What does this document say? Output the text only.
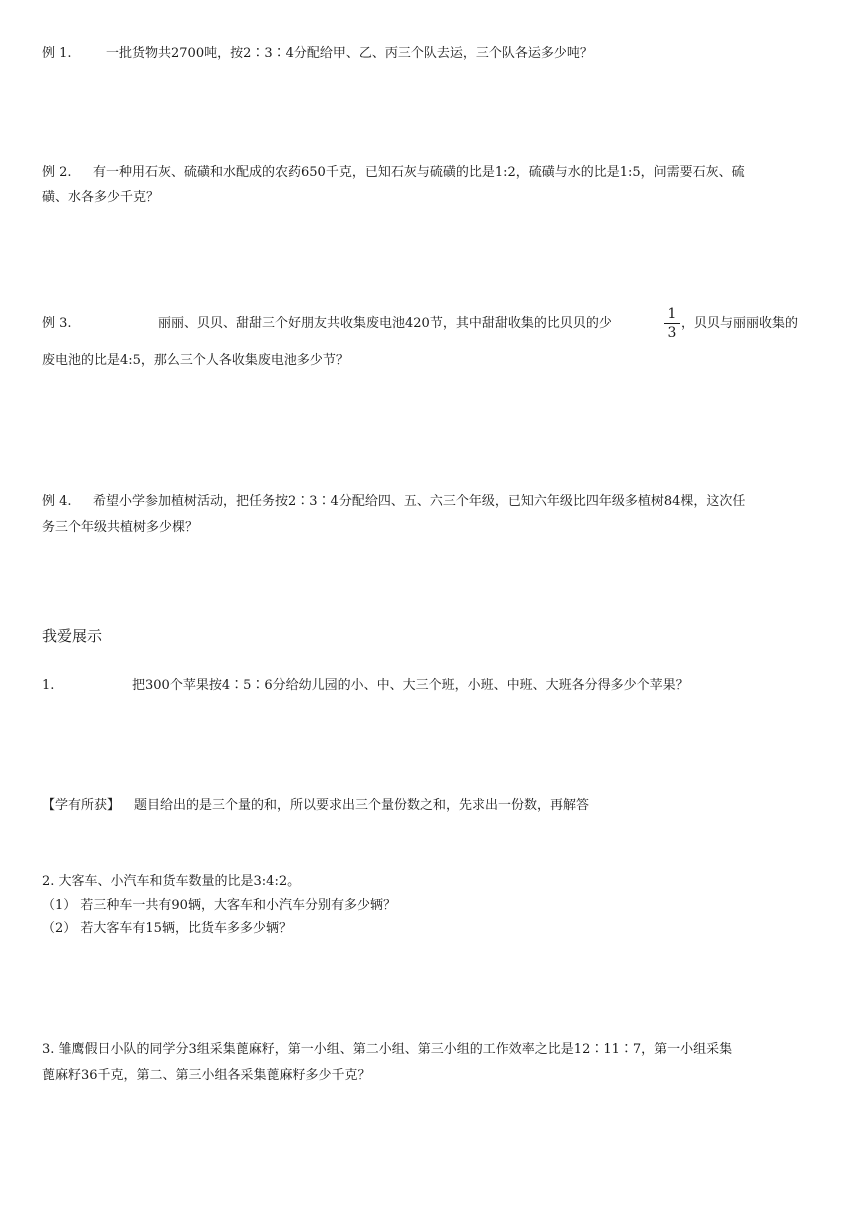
例 1.	一批货物共2700吨，按2∶3∶4分配给甲、乙、丙三个队去运，三个队各运多少吨？
例 2. 有一种用石灰、硫磺和水配成的农药650千克，已知石灰与硫磺的比是1:2，硫磺与水的比是1:5，问需要石灰、硫
磺、水各多少千克？
例 3.	丽丽、贝贝、甜甜三个好朋友共收集废电池420节，其中甜甜收集的比贝贝的少
1
3
，贝贝与丽丽收集的
废电池的比是4:5，那么三个人各收集废电池多少节？
例 4. 希望小学参加植树活动，把任务按2∶3∶4分配给四、五、六三个年级，已知六年级比四年级多植树84棵，这次任
务三个年级共植树多少棵？
我爱展示
1.	把300个苹果按4∶5∶6分给幼儿园的小、中、大三个班，小班、中班、大班各分得多少个苹果？
【学有所获】 题目给出的是三个量的和，所以要求出三个量份数之和，先求出一份数，再解答
2. 大客车、小汽车和货车数量的比是3:4:2。
（1） 若三种车一共有90辆，大客车和小汽车分别有多少辆？
（2） 若大客车有15辆，比货车多多少辆？
3. 雏鹰假日小队的同学分3组采集蓖麻籽，第一小组、第二小组、第三小组的工作效率之比是12∶11∶7，第一小组采集
蓖麻籽36千克，第二、第三小组各采集蓖麻籽多少千克？
